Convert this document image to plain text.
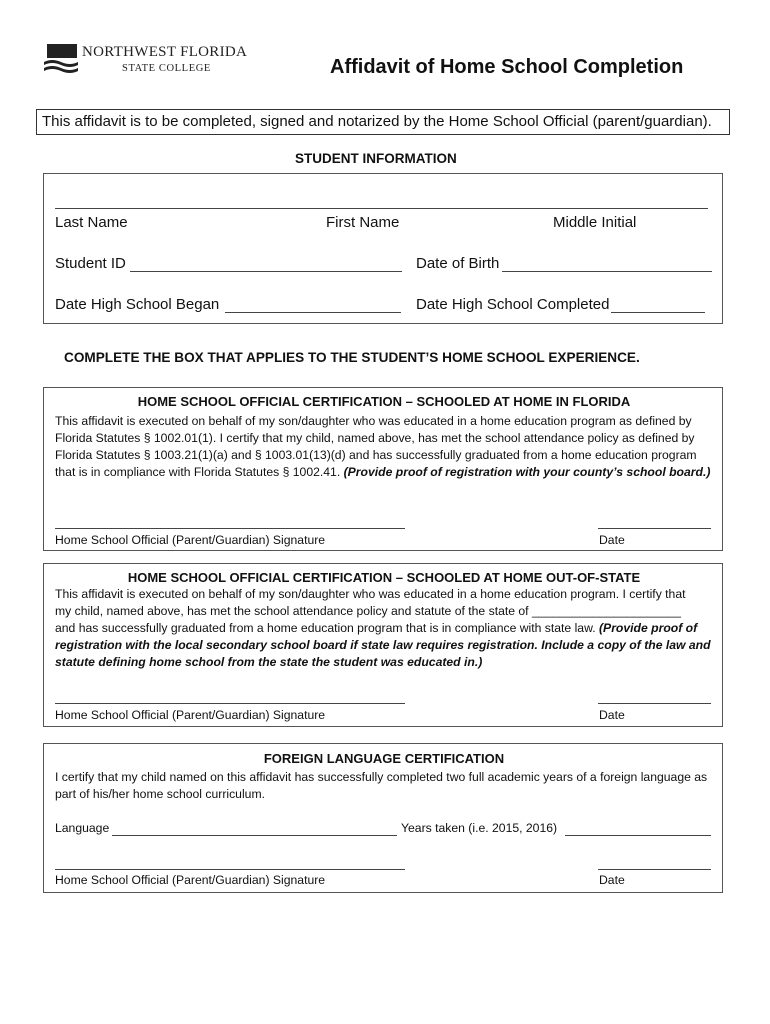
NORTHWEST FLORIDA
STATE COLLEGE	Affidavit of Home School Completion
This affidavit is to be completed, signed and notarized by the Home School Official (parent/guardian).
STUDENT INFORMATION
Last Name	First Name	Middle Initial
Student ID	Date of Birth
Date High School Began	Date High School Completed
COMPLETE THE BOX THAT APPLIES TO THE STUDENT’S HOME SCHOOL EXPERIENCE.
HOME SCHOOL OFFICIAL CERTIFICATION – SCHOOLED AT HOME IN FLORIDA
This affidavit is executed on behalf of my son/daughter who was educated in a home education program as defined by Florida Statutes § 1002.01(1). I certify that my child, named above, has met the school attendance policy as defined by Florida Statutes § 1003.21(1)(a) and § 1003.01(13)(d) and has successfully graduated from a home education program that is in compliance with Florida Statutes § 1002.41. (Provide proof of registration with your county’s school board.)
Home School Official (Parent/Guardian) Signature	Date
HOME SCHOOL OFFICIAL CERTIFICATION – SCHOOLED AT HOME OUT-OF-STATE
This affidavit is executed on behalf of my son/daughter who was educated in a home education program. I certify that
my child, named above, has met the school attendance policy and statute of the state of ______________________
and has successfully graduated from a home education program that is in compliance with state law. (Provide proof of registration with the local secondary school board if state law requires registration. Include a copy of the law and statute defining home school from the state the student was educated in.)
Home School Official (Parent/Guardian) Signature	Date
FOREIGN LANGUAGE CERTIFICATION
I certify that my child named on this affidavit has successfully completed two full academic years of a foreign language as part of his/her home school curriculum.
Language	Years taken (i.e. 2015, 2016)
Home School Official (Parent/Guardian) Signature	Date
